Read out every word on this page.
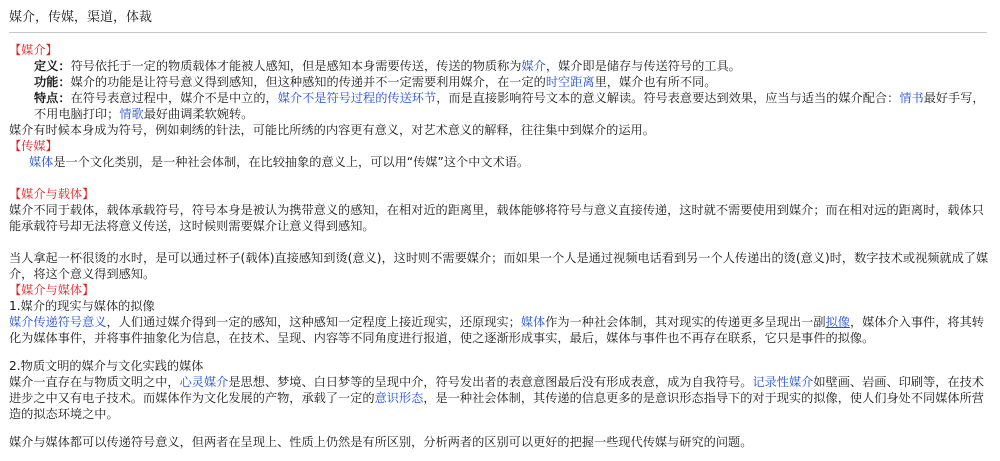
媒介，传媒，渠道，体裁

【媒介】

定义：符号依托于一定的物质载体才能被人感知，但是感知本身需要传送，传送的物质称为媒介，媒介即是储存与传送符号的工具。

功能：媒介的功能是让符号意义得到感知，但这种感知的传递并不一定需要利用媒介，在一定的时空距离里，媒介也有所不同。

特点：在符号表意过程中，媒介不是中立的，媒介不是符号过程的传送环节，而是直接影响符号文本的意义解读。符号表意要达到效果，应当与适当的媒介配合：情书最好手写，不用电脑打印；情歌最好曲调柔软婉转。

媒介有时候本身成为符号，例如刺绣的针法，可能比所绣的内容更有意义，对艺术意义的解释，往往集中到媒介的运用。

【传媒】

媒体是一个文化类别，是一种社会体制，在比较抽象的意义上，可以用“传媒”这个中文术语。

【媒介与载体】

媒介不同于载体，载体承载符号，符号本身是被认为携带意义的感知，在相对近的距离里，载体能够将符号与意义直接传递，这时就不需要使用到媒介；而在相对远的距离时，载体只能承载符号却无法将意义传送，这时候则需要媒介让意义得到感知。

当人拿起一杯很烫的水时，是可以通过杯子(载体)直接感知到烫(意义)，这时则不需要媒介；而如果一个人是通过视频电话看到另一个人传递出的烫(意义)时，数字技术或视频就成了媒介，将这个意义得到感知。

【媒介与媒体】

1.媒介的现实与媒体的拟像

媒介传递符号意义，人们通过媒介得到一定的感知，这种感知一定程度上接近现实，还原现实；媒体作为一种社会体制，其对现实的传递更多呈现出一副拟像，媒体介入事件，将其转化为媒体事件，并将事件抽象化为信息，在技术、呈现、内容等不同角度进行报道，使之逐渐形成事实，最后，媒体与事件也不再存在联系，它只是事件的拟像。

2.物质文明的媒介与文化实践的媒体

媒介一直存在与物质文明之中，心灵媒介是思想、梦境、白日梦等的呈现中介，符号发出者的表意意图最后没有形成表意，成为自我符号。记录性媒介如壁画、岩画、印刷等，在技术进步之中又有电子技术。而媒体作为文化发展的产物，承载了一定的意识形态，是一种社会体制，其传递的信息更多的是意识形态指导下的对于现实的拟像，使人们身处不同媒体所营造的拟态环境之中。

媒介与媒体都可以传递符号意义，但两者在呈现上、性质上仍然是有所区别，分析两者的区别可以更好的把握一些现代传媒与研究的问题。
